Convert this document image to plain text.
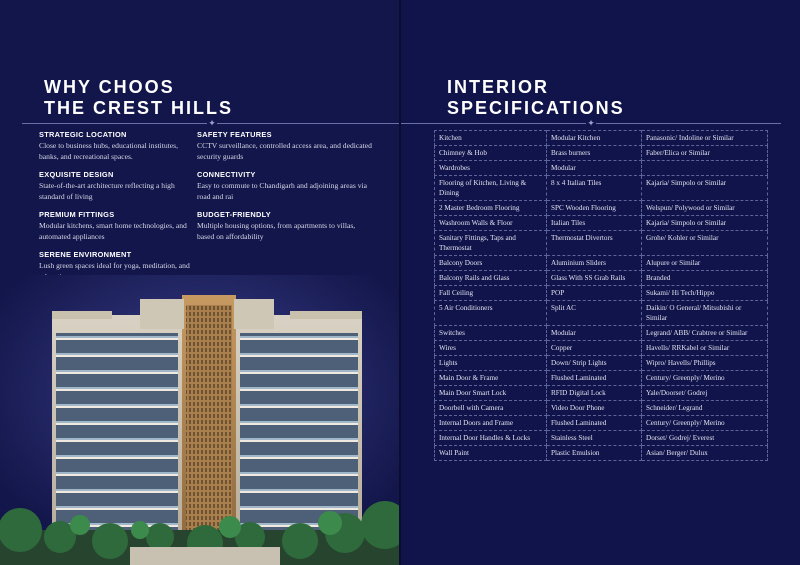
WHY CHOOS
THE CREST HILLS
✦
STRATEGIC LOCATION
Close to business hubs, educational institutes, banks, and recreational spaces.
SAFETY FEATURES
CCTV surveillance, controlled access area, and dedicated security guards
EXQUISITE DESIGN
State-of-the-art architecture reflecting a high standard of living
CONNECTIVITY
Easy to commute to Chandigarh and adjoining areas via road and rai
PREMIUM FITTINGS
Modular kitchens, smart home technologies, and automated appliances
BUDGET-FRIENDLY
Multiple housing options, from apartments to villas, based on affordability
SERENE ENVIRONMENT
Lush green spaces ideal for yoga, meditation, and
INTERIOR
SPECIFICATIONS
✦
Kitchen	Modular Kitchen	Panasonic/ Indoline or Similar
Chimney & Hob	Brass burners	Faber/Elica or Similar
Wardrobes	Modular	
Flooring of Kitchen, Living & Dining	8 x 4 Italian Tiles	Kajaria/ Simpolo or Similar
2 Master Bedroom Flooring	SPC Wooden Flooring	Welspun/ Polywood or Similar
Washroom Walls & Floor	Italian Tiles	Kajaria/ Simpolo or Similar
Sanitary Fittings, Taps and Thermostat	Thermostat Divertors	Grohe/ Kohler or Similar
Balcony Doors	Aluminium Sliders	Alupure or Similar
Balcony Rails and Glass	Glass With SS Grab Rails	Branded
Fall Ceiling	POP	Sukami/ Hi Tech/Hippo
5 Air Conditioners	Split AC	Daikin/ O General/ Mitsubishi or Similar
Switches	Modular	Legrand/ ABB/ Crabtree or Similar
Wires	Copper	Havells/ RRKabel or Similar
Lights	Down/ Strip Lights	Wipro/ Havells/ Phillips
Main Door & Frame	Flushed Laminated	Century/ Greenply/ Merino
Main Door Smart Lock	RFID Digital Lock	Yale/Doorset/ Godrej
Doorbell with Camera	Video Door Phone	Schneider/ Legrand
Internal Doors and Frame	Flushed Laminated	Century/ Greenply/ Merino
Internal Door Handles & Locks	Stainless Steel	Dorset/ Godrej/ Everest
Wall Paint	Plastic Emulsion	Asian/ Berger/ Dulux
